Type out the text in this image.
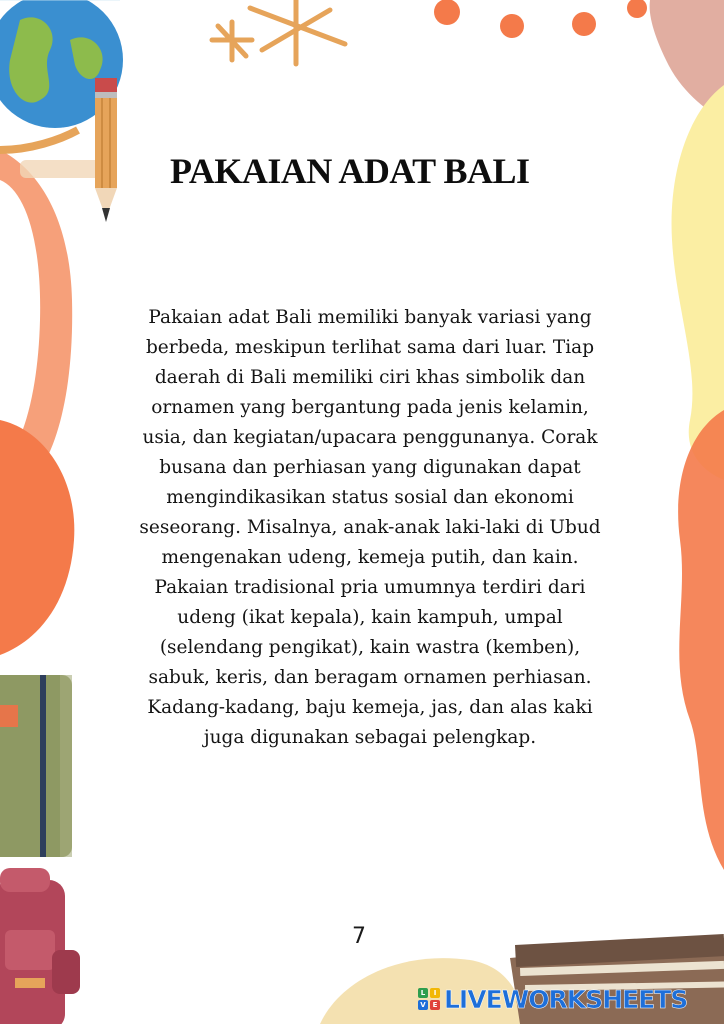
PAKAIAN ADAT BALI
Pakaian adat Bali memiliki banyak variasi yang
berbeda, meskipun terlihat sama dari luar. Tiap
daerah di Bali memiliki ciri khas simbolik dan
ornamen yang bergantung pada jenis kelamin,
usia, dan kegiatan/upacara penggunanya. Corak
busana dan perhiasan yang digunakan dapat
mengindikasikan status sosial dan ekonomi
seseorang. Misalnya, anak-anak laki-laki di Ubud
mengenakan udeng, kemeja putih, dan kain.
Pakaian tradisional pria umumnya terdiri dari
udeng (ikat kepala), kain kampuh, umpal
(selendang pengikat), kain wastra (kemben),
sabuk, keris, dan beragam ornamen perhiasan.
Kadang-kadang, baju kemeja, jas, dan alas kaki
juga digunakan sebagai pelengkap.
7
L	I
V E LIVEWORKSHEETS
